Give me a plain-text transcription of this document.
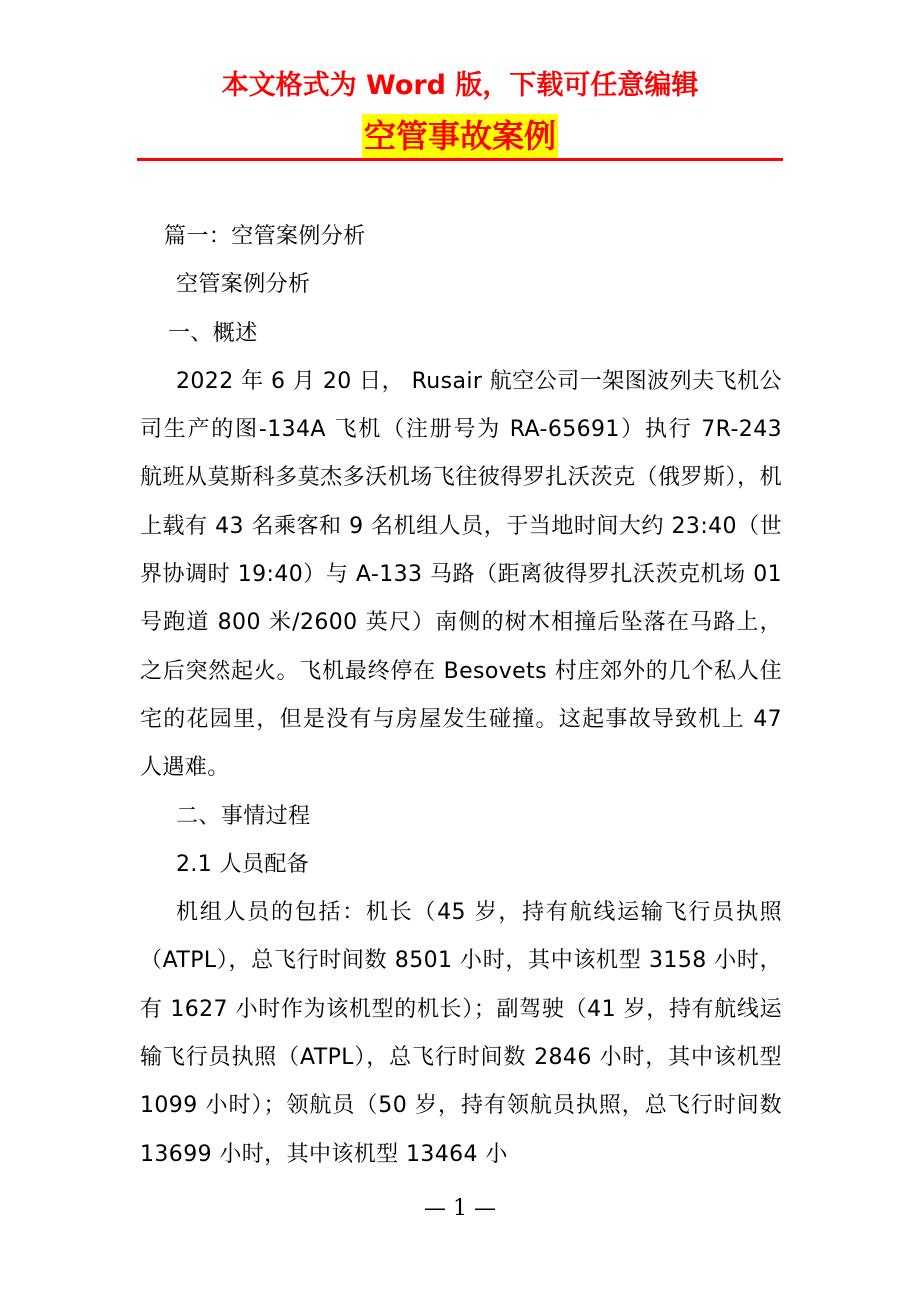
本文格式为 Word 版，下载可任意编辑
空管事故案例

篇一：空管案例分析

空管案例分析

一、概述

2022 年 6 月 20 日， Rusair 航空公司一架图波列夫飞机公司生产的图-134A 飞机（注册号为 RA-65691）执行 7R-243 航班从莫斯科多莫杰多沃机场飞往彼得罗扎沃茨克（俄罗斯），机上载有 43 名乘客和 9 名机组人员，于当地时间大约 23:40（世界协调时 19:40）与 A-133 马路（距离彼得罗扎沃茨克机场 01 号跑道 800 米/2600 英尺）南侧的树木相撞后坠落在马路上，之后突然起火。飞机最终停在 Besovets 村庄郊外的几个私人住宅的花园里，但是没有与房屋发生碰撞。这起事故导致机上 47 人遇难。

二、事情过程

2.1 人员配备

机组人员的包括：机长（45 岁，持有航线运输飞行员执照（ATPL），总飞行时间数 8501 小时，其中该机型 3158 小时，有 1627 小时作为该机型的机长）；副驾驶（41 岁，持有航线运输飞行员执照（ATPL），总飞行时间数 2846 小时，其中该机型 1099 小时）；领航员（50 岁，持有领航员执照，总飞行时间数 13699 小时，其中该机型 13464 小

— 1 —
